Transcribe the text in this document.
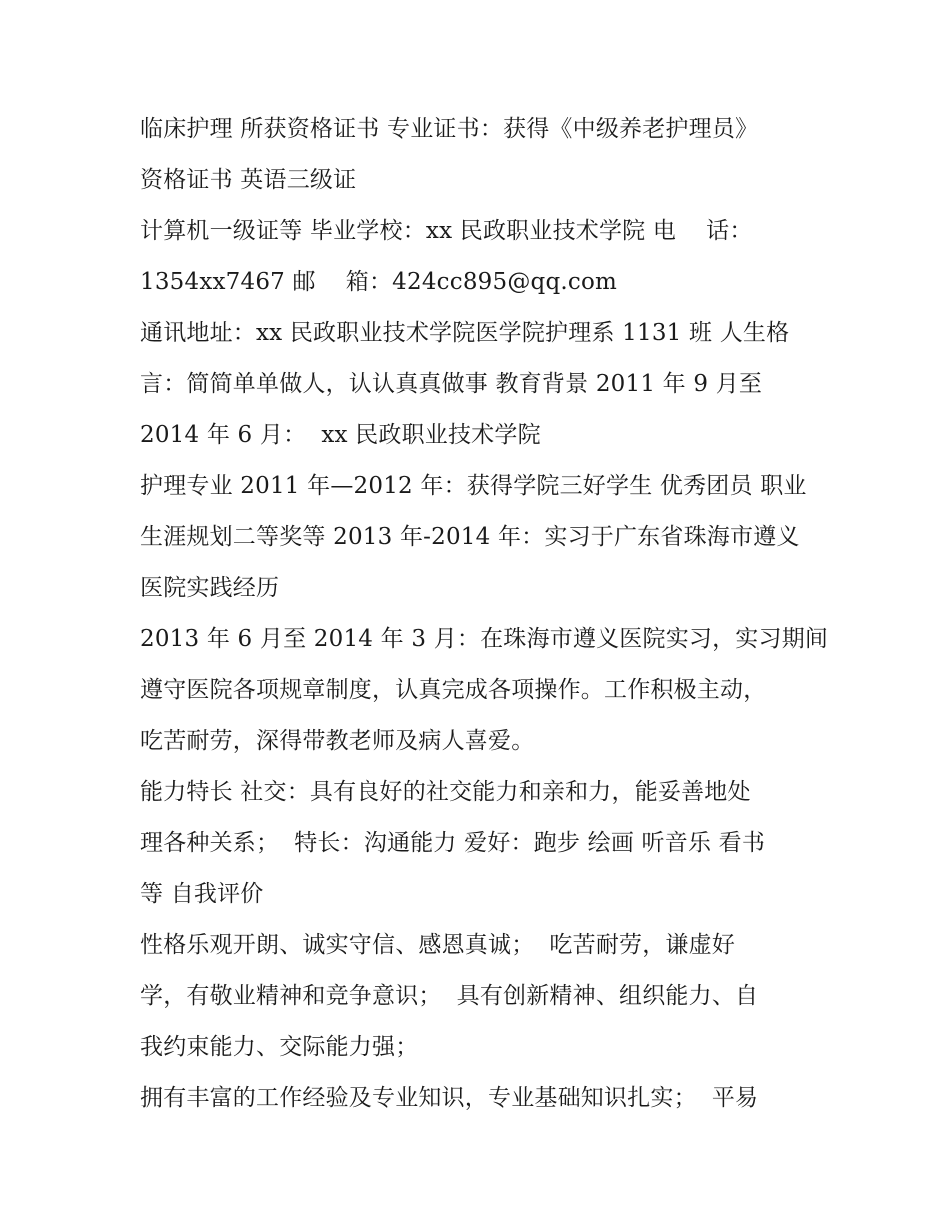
临床护理 所获资格证书 专业证书：获得《中级养老护理员》
资格证书 英语三级证
计算机一级证等 毕业学校：xx 民政职业技术学院 电    话：
1354xx7467 邮    箱：424cc895@qq.com
通讯地址：xx 民政职业技术学院医学院护理系 1131 班 人生格
言：简简单单做人，认认真真做事 教育背景 2011 年 9 月至
2014 年 6 月：  xx 民政职业技术学院
护理专业 2011 年—2012 年：获得学院三好学生 优秀团员 职业
生涯规划二等奖等 2013 年-2014 年：实习于广东省珠海市遵义
医院实践经历
2013 年 6 月至 2014 年 3 月：在珠海市遵义医院实习，实习期间
遵守医院各项规章制度，认真完成各项操作。工作积极主动，
吃苦耐劳，深得带教老师及病人喜爱。
能力特长 社交：具有良好的社交能力和亲和力，能妥善地处
理各种关系；  特长：沟通能力 爱好：跑步 绘画 听音乐 看书
等 自我评价
性格乐观开朗、诚实守信、感恩真诚；  吃苦耐劳，谦虚好
学，有敬业精神和竞争意识；  具有创新精神、组织能力、自
我约束能力、交际能力强；
拥有丰富的工作经验及专业知识，专业基础知识扎实；  平易
